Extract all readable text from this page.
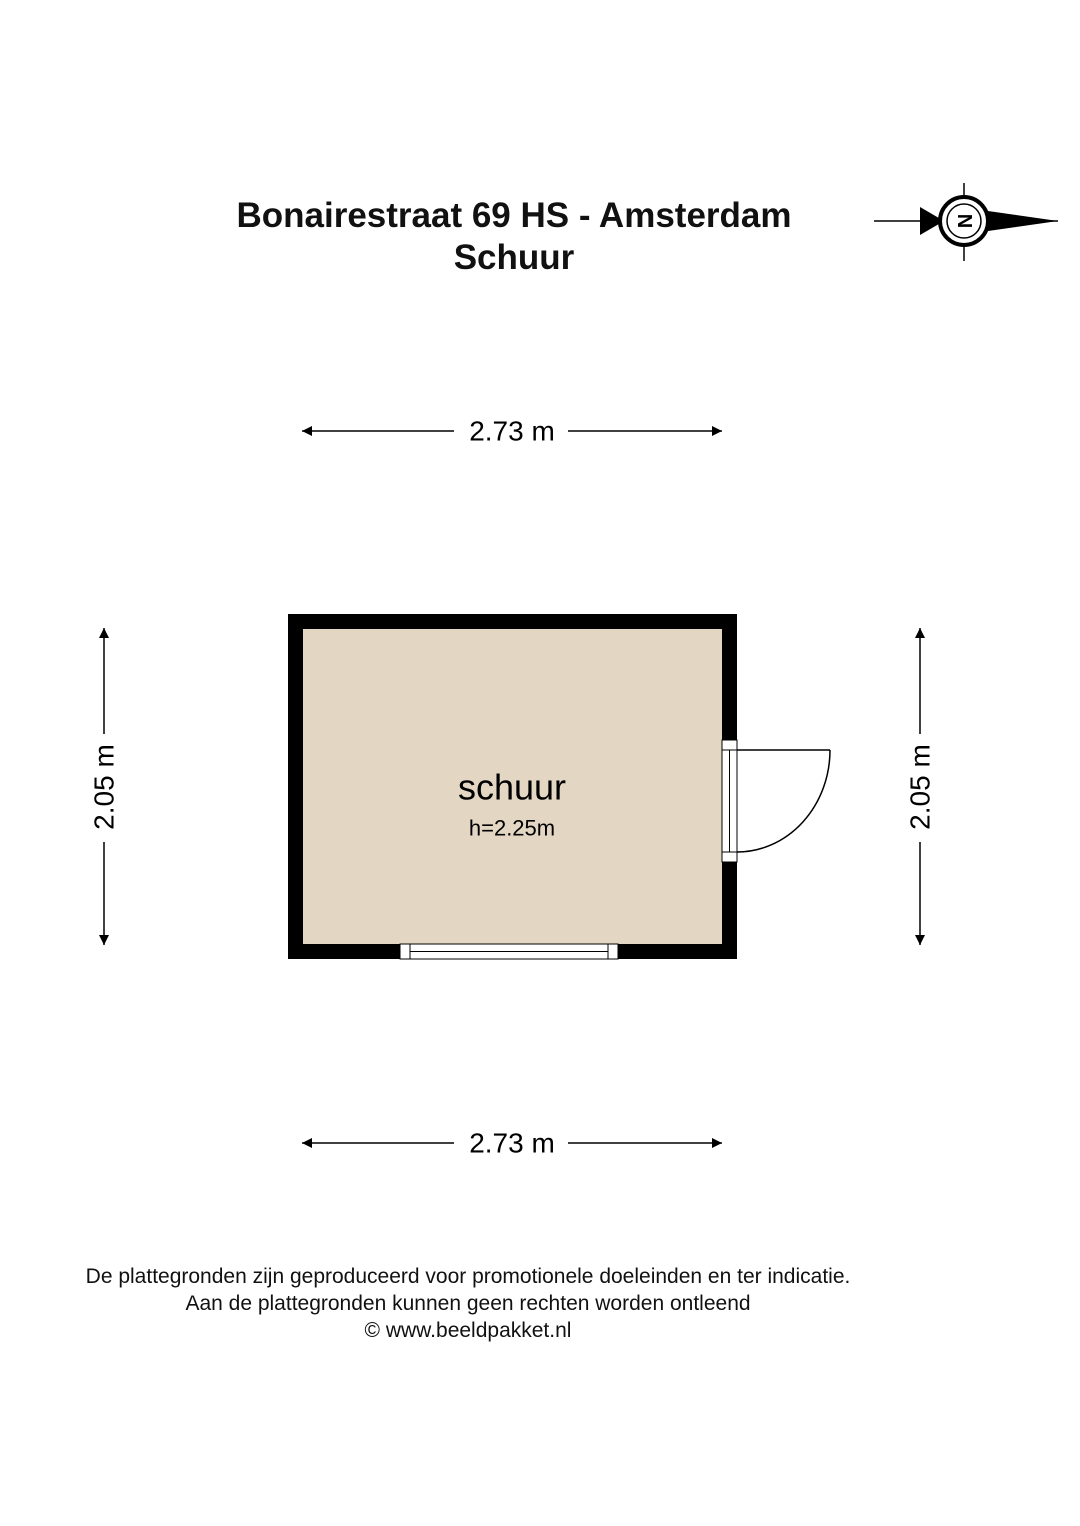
Bonairestraat 69 HS - Amsterdam
Schuur
N
2.73 m
2.73 m
2.05 m	2.05 m
schuur
h=2.25m
De plattegronden zijn geproduceerd voor promotionele doeleinden en ter indicatie.
Aan de plattegronden kunnen geen rechten worden ontleend
© www.beeldpakket.nl
